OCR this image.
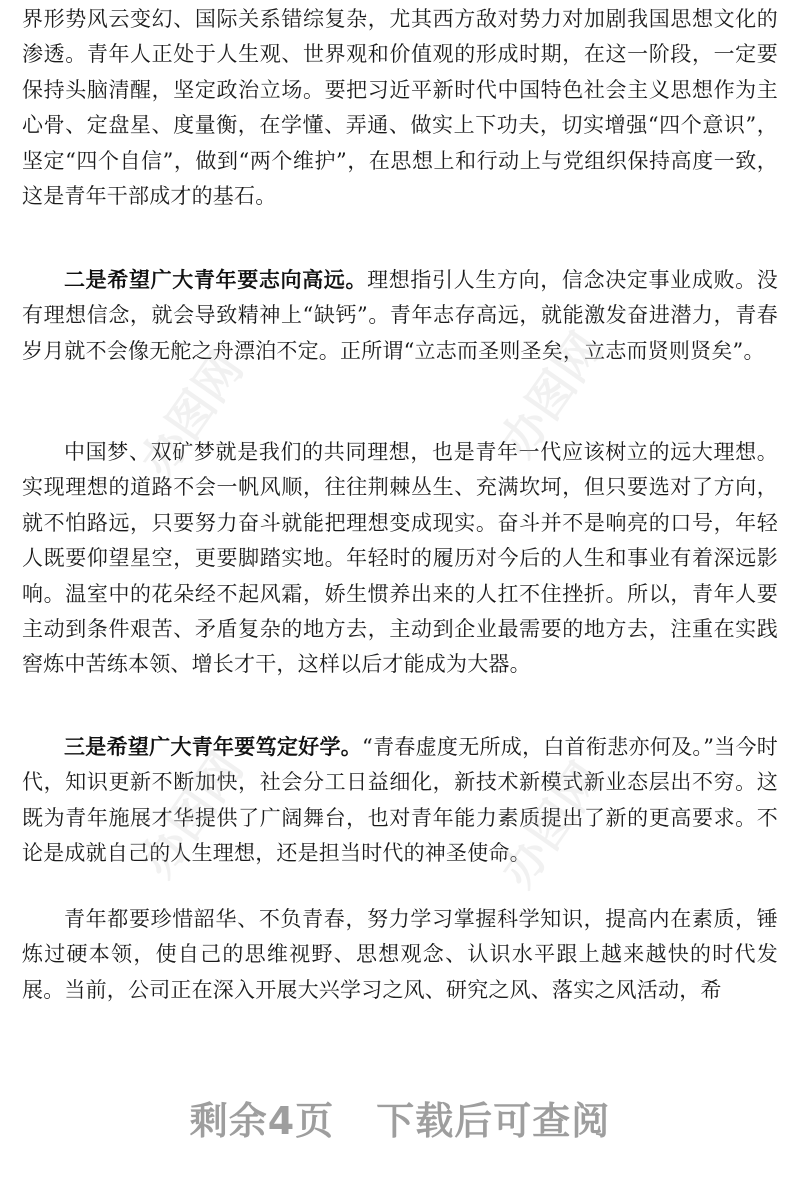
界形势风云变幻、国际关系错综复杂，尤其西方敌对势力对加剧我国思想文化的渗透。青年人正处于人生观、世界观和价值观的形成时期，在这一阶段，一定要保持头脑清醒，坚定政治立场。要把习近平新时代中国特色社会主义思想作为主心骨、定盘星、度量衡，在学懂、弄通、做实上下功夫，切实增强“四个意识”，坚定“四个自信”，做到“两个维护”，在思想上和行动上与党组织保持高度一致，这是青年干部成才的基石。

二是希望广大青年要志向高远。理想指引人生方向，信念决定事业成败。没有理想信念，就会导致精神上“缺钙”。青年志存高远，就能激发奋进潜力，青春岁月就不会像无舵之舟漂泊不定。正所谓“立志而圣则圣矣，立志而贤则贤矣”。

中国梦、双矿梦就是我们的共同理想，也是青年一代应该树立的远大理想。实现理想的道路不会一帆风顺，往往荆棘丛生、充满坎坷，但只要选对了方向，就不怕路远，只要努力奋斗就能把理想变成现实。奋斗并不是响亮的口号，年轻人既要仰望星空，更要脚踏实地。年轻时的履历对今后的人生和事业有着深远影响。温室中的花朵经不起风霜，娇生惯养出来的人扛不住挫折。所以，青年人要主动到条件艰苦、矛盾复杂的地方去，主动到企业最需要的地方去，注重在实践窖炼中苦练本领、增长才干，这样以后才能成为大器。

三是希望广大青年要笃定好学。“青春虚度无所成，白首衔悲亦何及。”当今时代，知识更新不断加快，社会分工日益细化，新技术新模式新业态层出不穷。这既为青年施展才华提供了广阔舞台，也对青年能力素质提出了新的更高要求。不论是成就自己的人生理想，还是担当时代的神圣使命。

青年都要珍惜韶华、不负青春，努力学习掌握科学知识，提高内在素质，锤炼过硬本领，使自己的思维视野、思想观念、认识水平跟上越来越快的时代发展。当前，公司正在深入开展大兴学习之风、研究之风、落实之风活动，希

办图网	办图网
办图网	办图网
剩余4页 下载后可查阅
